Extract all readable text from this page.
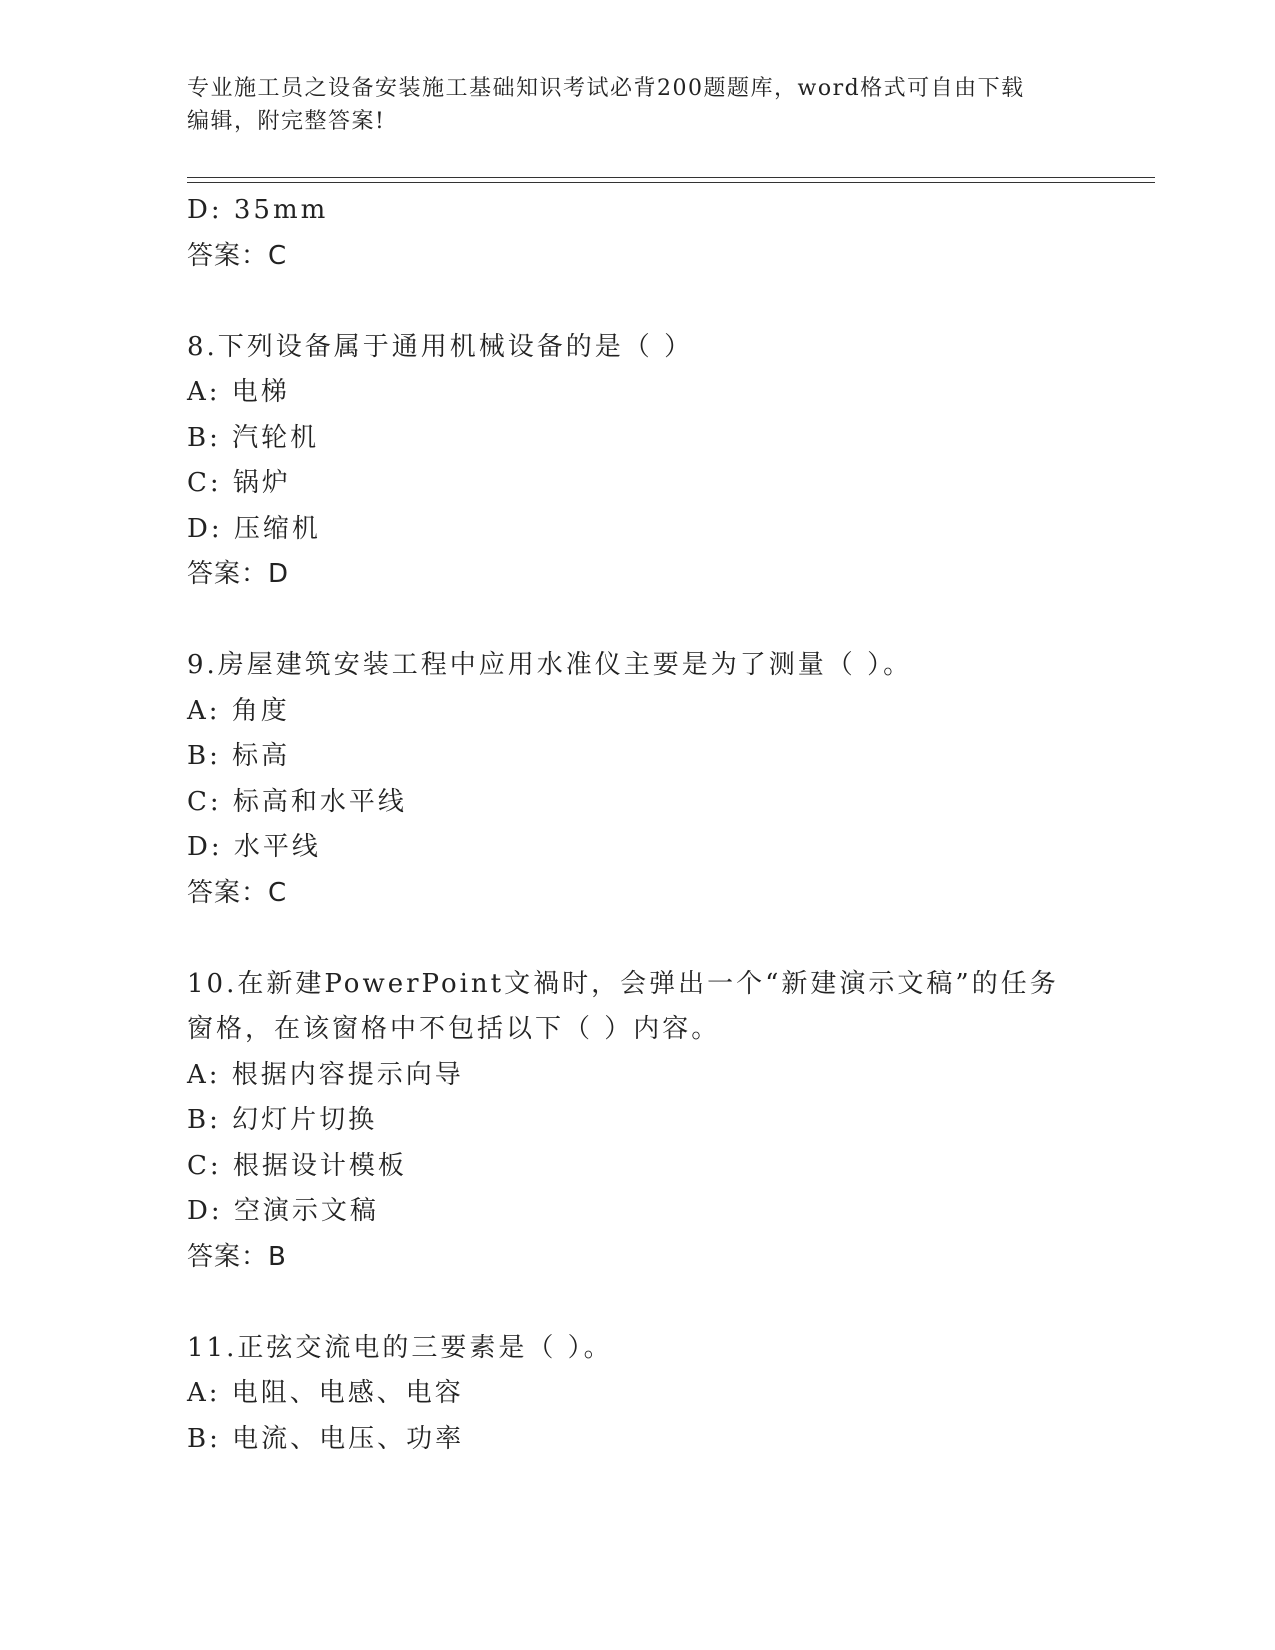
专业施工员之设备安装施工基础知识考试必背200题题库，word格式可自由下载
编辑，附完整答案!
D: 35mm
答案：C
8.下列设备属于通用机械设备的是（ ）
A: 电梯
B: 汽轮机
C: 锅炉
D: 压缩机
答案：D
9.房屋建筑安装工程中应用水准仪主要是为了测量（ ）。
A: 角度
B: 标高
C: 标高和水平线
D: 水平线
答案：C
10.在新建PowerPoint文禍时，会弹出一个“新建演示文稿”的任务
窗格，在该窗格中不包括以下（ ）内容。
A: 根据内容提示向导
B: 幻灯片切换
C: 根据设计模板
D: 空演示文稿
答案：B
11.正弦交流电的三要素是（ ）。
A: 电阻、电感、电容
B: 电流、电压、功率
